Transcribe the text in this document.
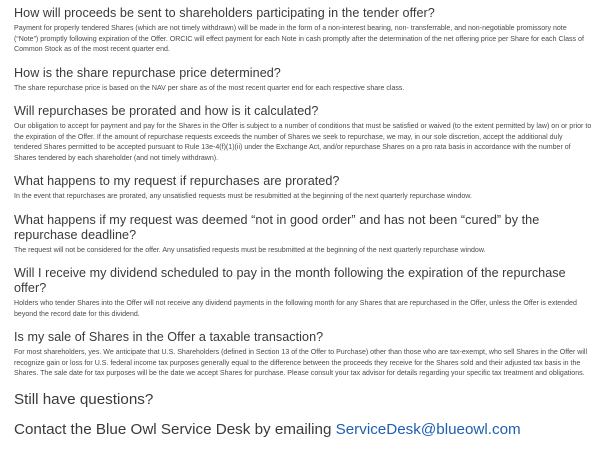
How will proceeds be sent to shareholders participating in the tender offer?

Payment for properly tendered Shares (which are not timely withdrawn) will be made in the form of a non-interest bearing, non- transferrable, and non-negotiable promissory note (“Note”) promptly following expiration of the Offer. ORCIC will effect payment for each Note in cash promptly after the determination of the net offering price per Share for each Class of Common Stock as of the most recent quarter end.

How is the share repurchase price determined?

The share repurchase price is based on the NAV per share as of the most recent quarter end for each respective share class.

Will repurchases be prorated and how is it calculated?

Our obligation to accept for payment and pay for the Shares in the Offer is subject to a number of conditions that must be satisfied or waived (to the extent permitted by law) on or prior to the expiration of the Offer. If the amount of repurchase requests exceeds the number of Shares we seek to repurchase, we may, in our sole discretion, accept the additional duly tendered Shares permitted to be accepted pursuant to Rule 13e-4(f)(1)(ii) under the Exchange Act, and/or repurchase Shares on a pro rata basis in accordance with the number of Shares tendered by each shareholder (and not timely withdrawn).

What happens to my request if repurchases are prorated?

In the event that repurchases are prorated, any unsatisfied requests must be resubmitted at the beginning of the next quarterly repurchase window.

What happens if my request was deemed “not in good order” and has not been “cured” by the repurchase deadline?

The request will not be considered for the offer. Any unsatisfied requests must be resubmitted at the beginning of the next quarterly repurchase window.

Will I receive my dividend scheduled to pay in the month following the expiration of the repurchase offer?

Holders who tender Shares into the Offer will not receive any dividend payments in the following month for any Shares that are repurchased in the Offer, unless the Offer is extended beyond the record date for this dividend.

Is my sale of Shares in the Offer a taxable transaction?

For most shareholders, yes. We anticipate that U.S. Shareholders (defined in Section 13 of the Offer to Purchase) other than those who are tax-exempt, who sell Shares in the Offer will recognize gain or loss for U.S. federal income tax purposes generally equal to the difference between the proceeds they receive for the Shares sold and their adjusted tax basis in the Shares. The sale date for tax purposes will be the date we accept Shares for purchase. Please consult your tax advisor for details regarding your specific tax treatment and obligations.

Still have questions?

Contact the Blue Owl Service Desk by emailing ServiceDesk@blueowl.com
